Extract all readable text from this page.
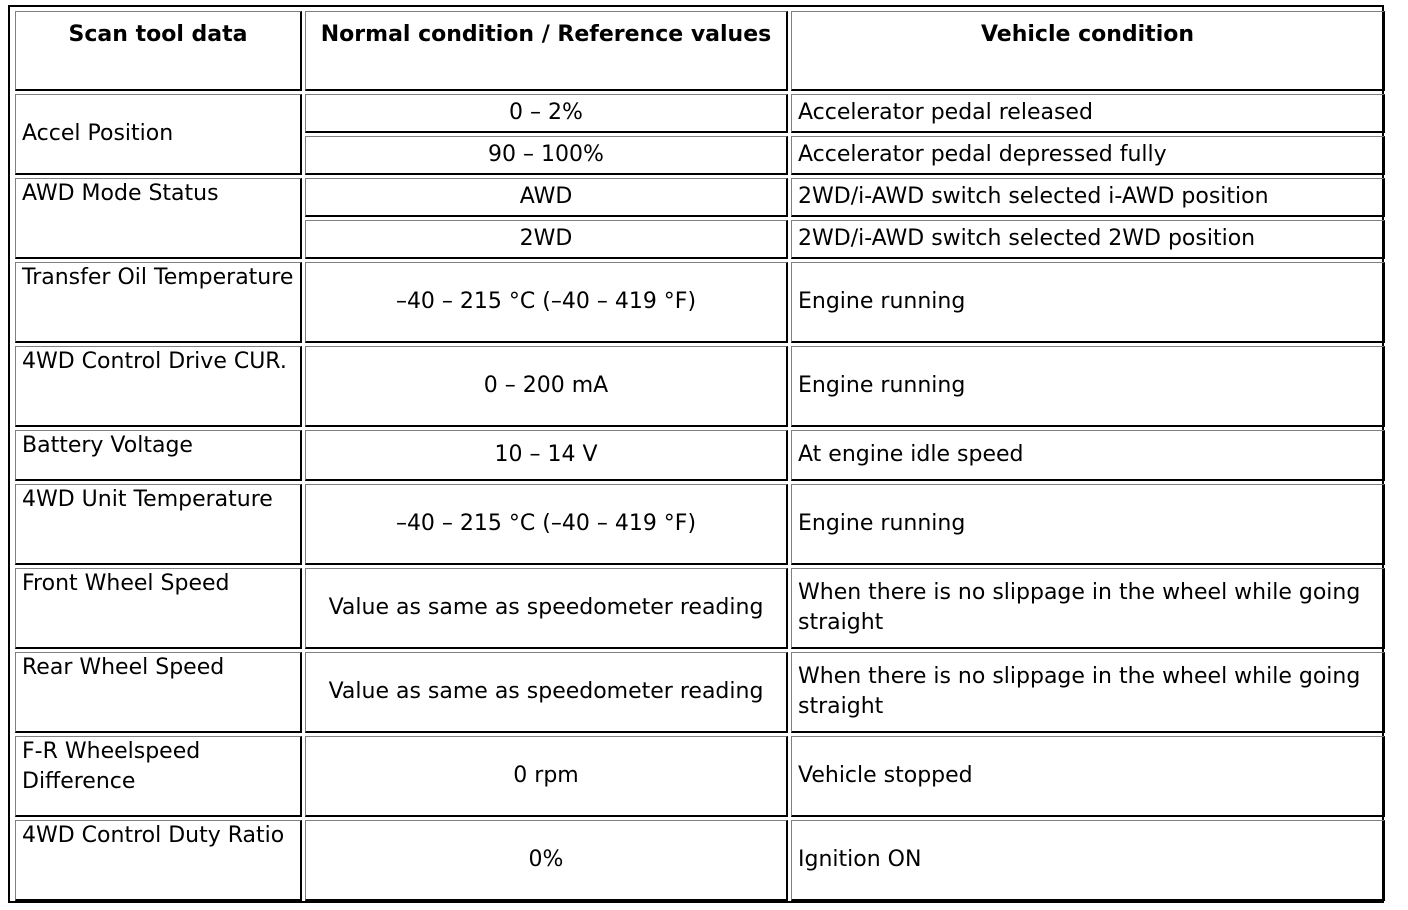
Scan tool data	Normal condition / Reference values	Vehicle condition
Accel Position	0 – 2%	Accelerator pedal released
	90 – 100%	Accelerator pedal depressed fully
AWD Mode Status	AWD	2WD/i-AWD switch selected i-AWD position
	2WD	2WD/i-AWD switch selected 2WD position
Transfer Oil Temperature	–40 – 215 °C (–40 – 419 °F)	Engine running
4WD Control Drive CUR.	0 – 200 mA	Engine running
Battery Voltage	10 – 14 V	At engine idle speed
4WD Unit Temperature	–40 – 215 °C (–40 – 419 °F)	Engine running
Front Wheel Speed	Value as same as speedometer reading	When there is no slippage in the wheel while going straight
Rear Wheel Speed	Value as same as speedometer reading	When there is no slippage in the wheel while going straight
F-R Wheelspeed Difference	0 rpm	Vehicle stopped
4WD Control Duty Ratio	0%	Ignition ON
